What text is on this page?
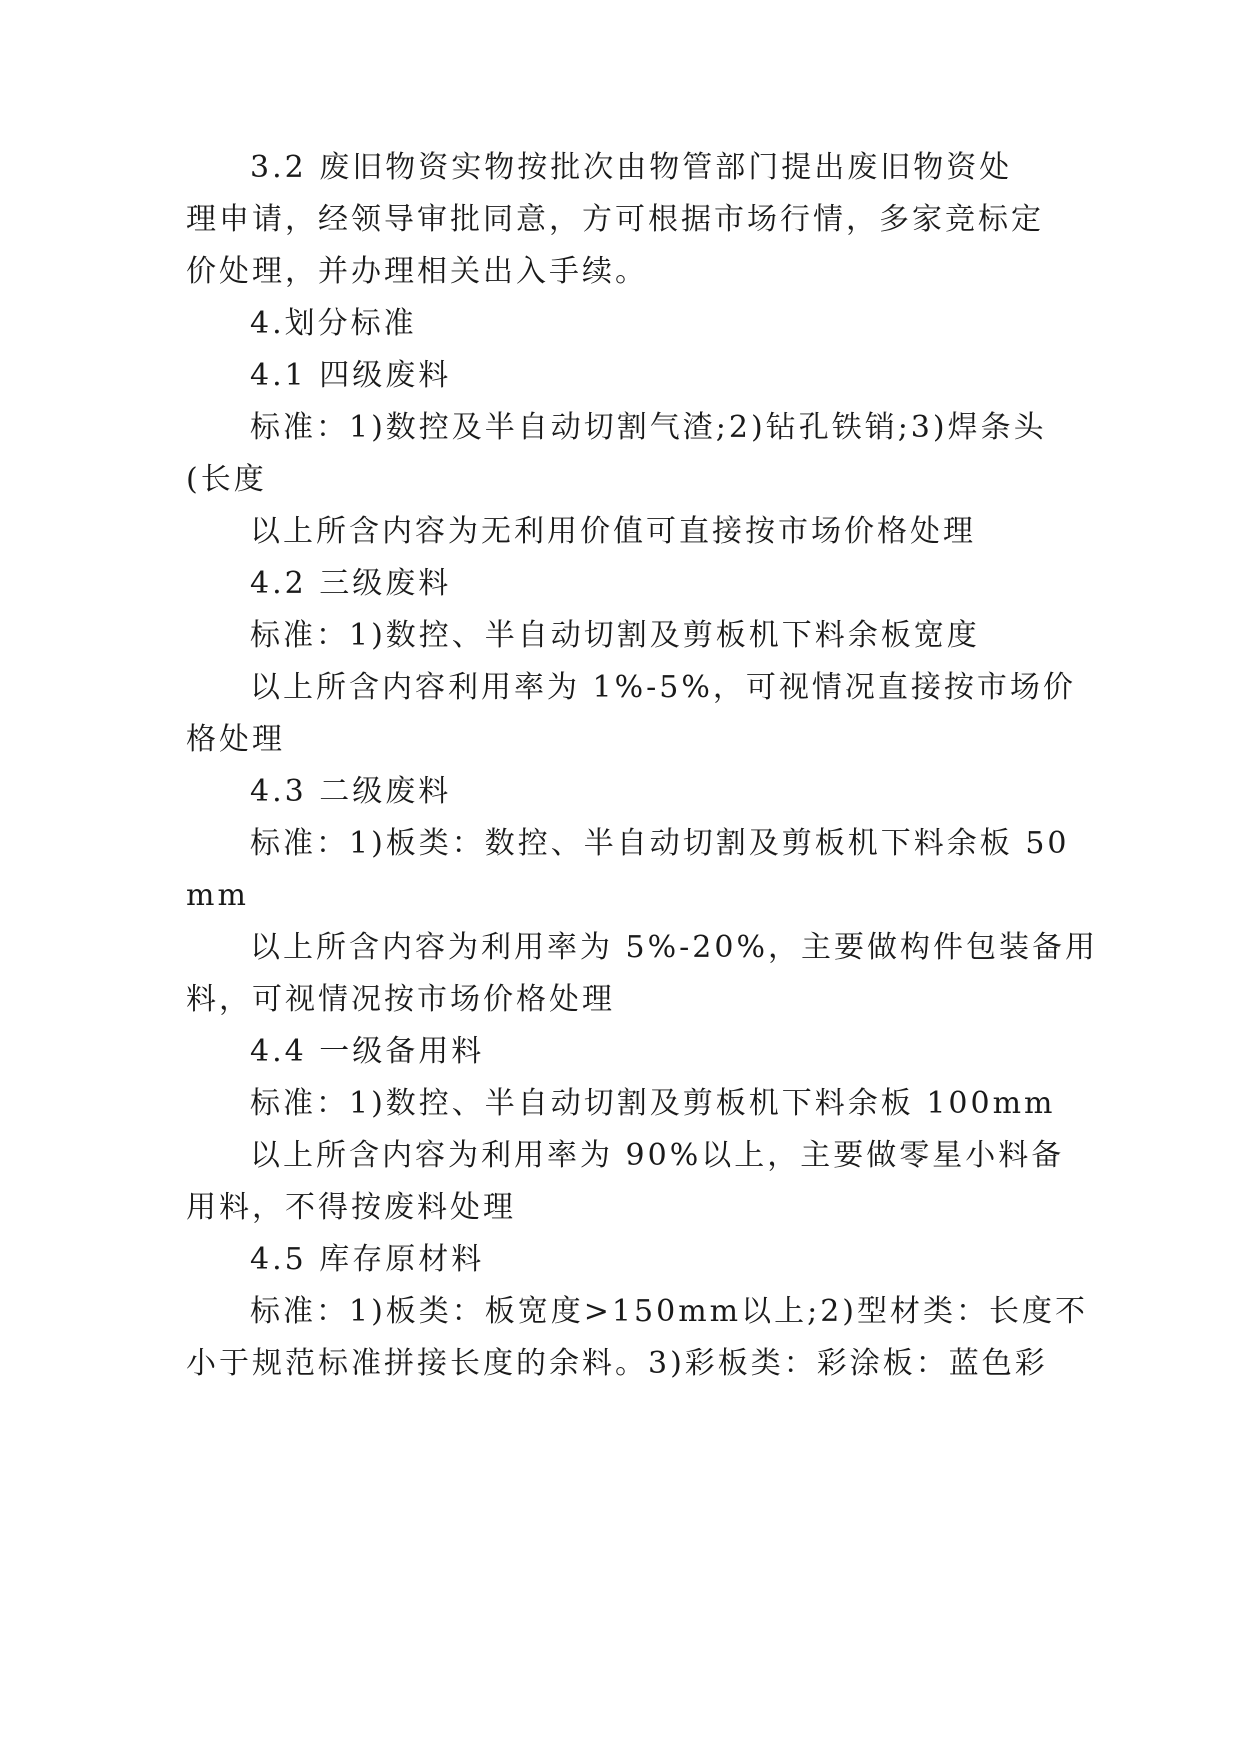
3.2 废旧物资实物按批次由物管部门提出废旧物资处
理申请，经领导审批同意，方可根据市场行情，多家竞标定
价处理，并办理相关出入手续。
4.划分标准
4.1 四级废料
标准：1)数控及半自动切割气渣;2)钻孔铁销;3)焊条头
(长度
以上所含内容为无利用价值可直接按市场价格处理
4.2 三级废料
标准：1)数控、半自动切割及剪板机下料余板宽度
以上所含内容利用率为 1%-5%，可视情况直接按市场价
格处理
4.3 二级废料
标准：1)板类：数控、半自动切割及剪板机下料余板 50
mm
以上所含内容为利用率为 5%-20%，主要做构件包装备用
料，可视情况按市场价格处理
4.4 一级备用料
标准：1)数控、半自动切割及剪板机下料余板 100mm
以上所含内容为利用率为 90%以上，主要做零星小料备
用料，不得按废料处理
4.5 库存原材料
标准：1)板类：板宽度>150mm以上;2)型材类：长度不
小于规范标准拼接长度的余料。3)彩板类：彩涂板：蓝色彩
